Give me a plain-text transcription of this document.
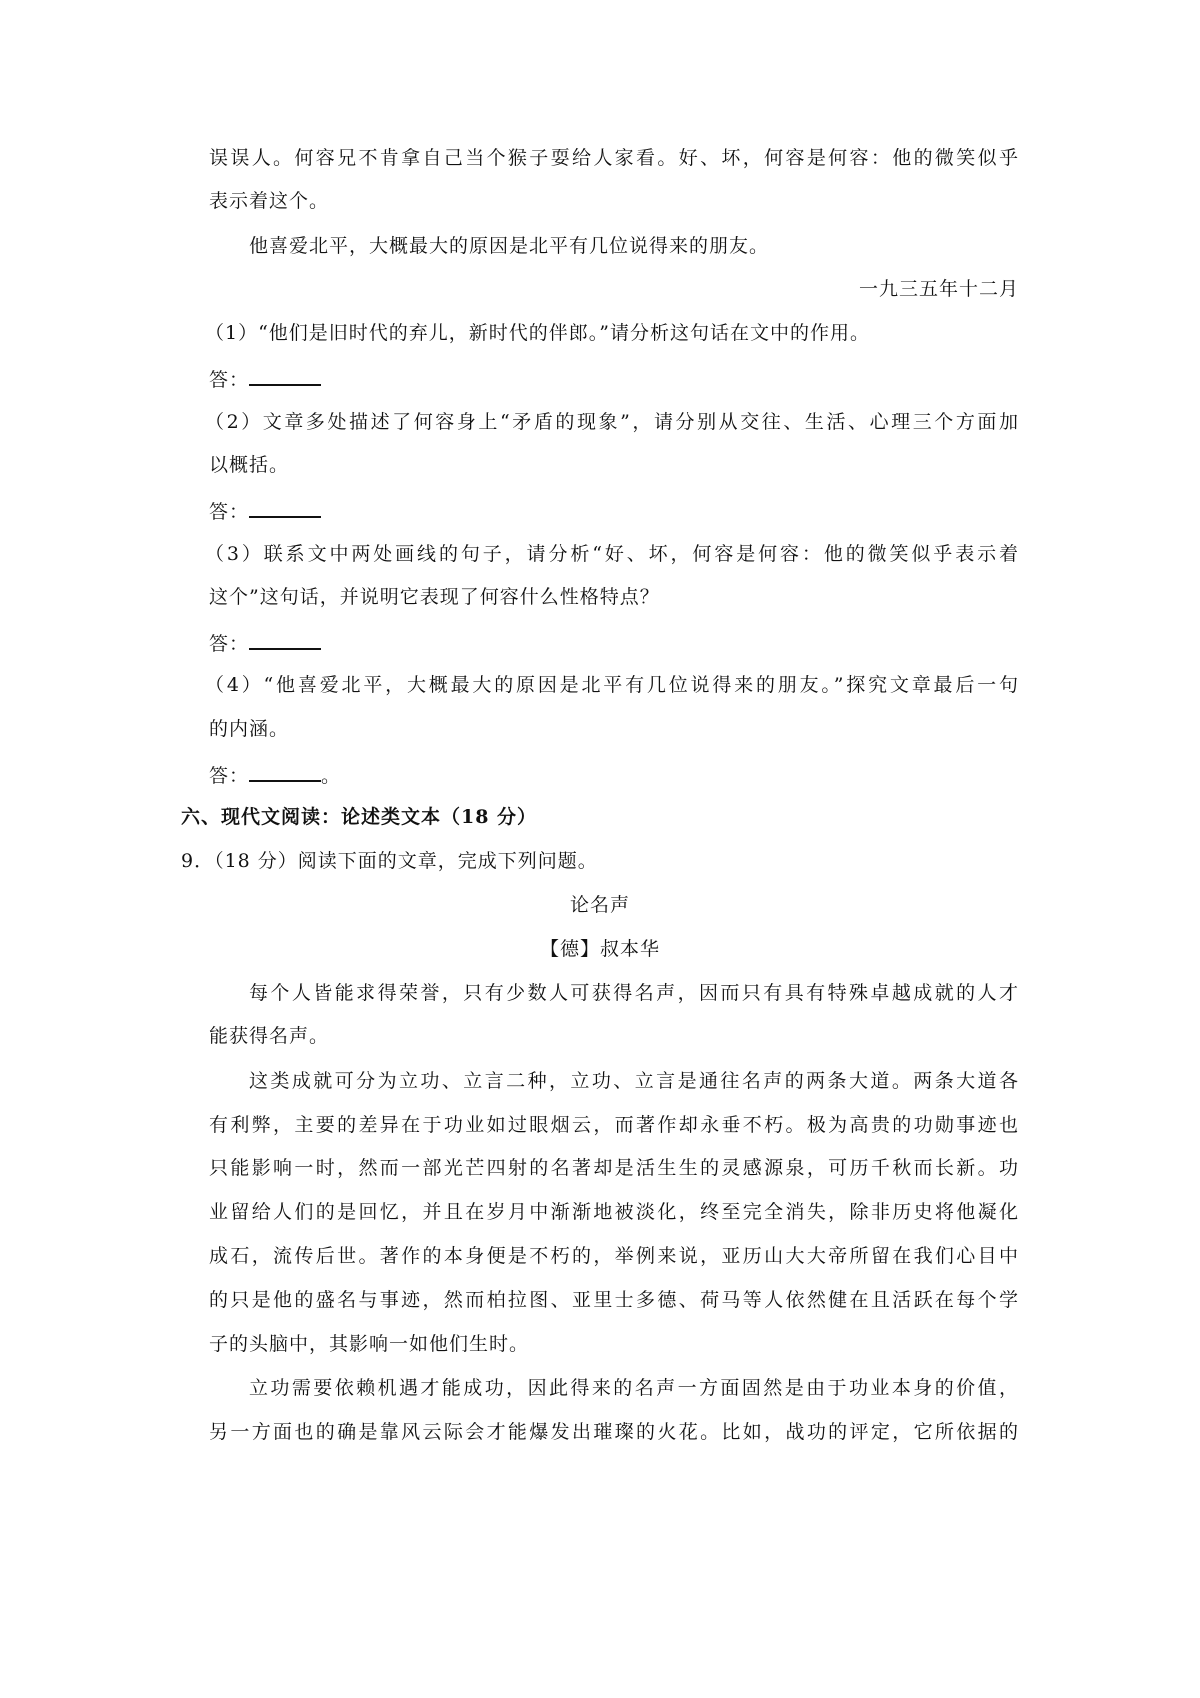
误误人。何容兄不肯拿自己当个猴子耍给人家看。好、坏，何容是何容：他的微笑似乎
表示着这个。
他喜爱北平，大概最大的原因是北平有几位说得来的朋友。
一九三五年十二月
（1）“他们是旧时代的弃儿，新时代的伴郎。”请分析这句话在文中的作用。
答：
（2）文章多处描述了何容身上“矛盾的现象”，请分别从交往、生活、心理三个方面加
以概括。
答：
（3）联系文中两处画线的句子，请分析“好、坏，何容是何容：他的微笑似乎表示着
这个”这句话，并说明它表现了何容什么性格特点？
答：
（4）“他喜爱北平，大概最大的原因是北平有几位说得来的朋友。”探究文章最后一句
的内涵。
答：	。
六、现代文阅读：论述类文本（18 分）
9．（18 分）阅读下面的文章，完成下列问题。
论名声
【德】叔本华
每个人皆能求得荣誉，只有少数人可获得名声，因而只有具有特殊卓越成就的人才
能获得名声。
这类成就可分为立功、立言二种，立功、立言是通往名声的两条大道。两条大道各
有利弊，主要的差异在于功业如过眼烟云，而著作却永垂不朽。极为高贵的功勋事迹也
只能影响一时，然而一部光芒四射的名著却是活生生的灵感源泉，可历千秋而长新。功
业留给人们的是回忆，并且在岁月中渐渐地被淡化，终至完全消失，除非历史将他凝化
成石，流传后世。著作的本身便是不朽的，举例来说，亚历山大大帝所留在我们心目中
的只是他的盛名与事迹，然而柏拉图、亚里士多德、荷马等人依然健在且活跃在每个学
子的头脑中，其影响一如他们生时。
立功需要依赖机遇才能成功，因此得来的名声一方面固然是由于功业本身的价值，
另一方面也的确是靠风云际会才能爆发出璀璨的火花。比如，战功的评定，它所依据的
